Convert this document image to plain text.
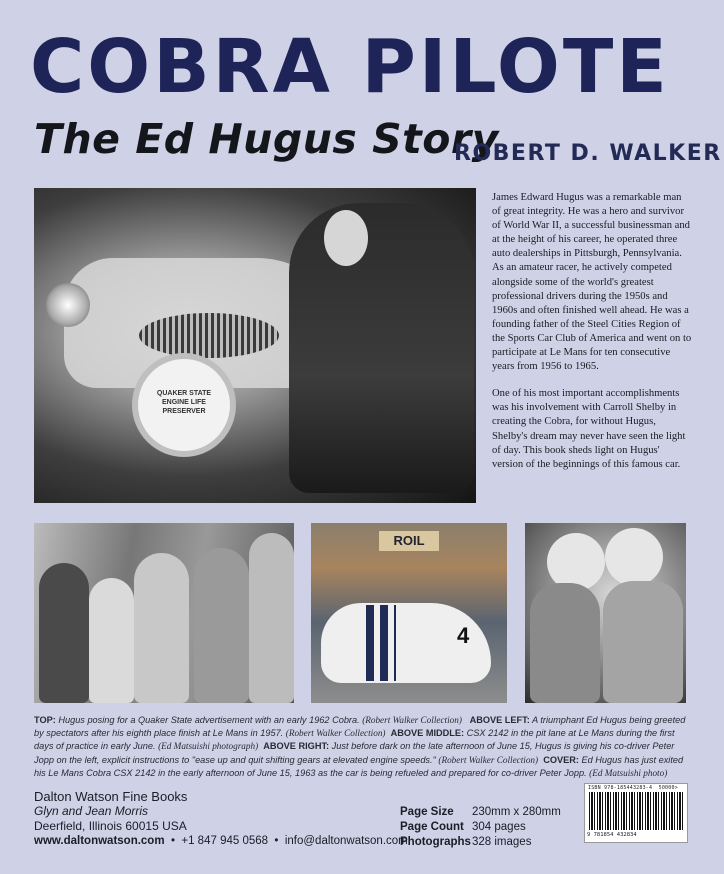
COBRA PILOTE
The Ed Hugus Story
ROBERT D. WALKER
QUAKER STATE ENGINE LIFE PRESERVER
ROIL
4

James Edward Hugus was a remarkable man of great integrity. He was a hero and survivor of World War II, a successful businessman and at the height of his career, he operated three auto dealerships in Pittsburgh, Pennsylvania. As an amateur racer, he actively competed alongside some of the world's greatest professional drivers during the 1950s and 1960s and often finished well ahead. He was a founding father of the Steel Cities Region of the Sports Car Club of America and went on to participate at Le Mans for ten consecutive years from 1956 to 1965.

One of his most important accomplishments was his involvement with Carroll Shelby in creating the Cobra, for without Hugus, Shelby's dream may never have seen the light of day. This book sheds light on Hugus' version of the beginnings of this famous car.

TOP: Hugus posing for a Quaker State advertisement with an early 1962 Cobra. (Robert Walker Collection) ABOVE LEFT: A triumphant Ed Hugus being greeted by spectators after his eighth place finish at Le Mans in 1957. (Robert Walker Collection) ABOVE MIDDLE: CSX 2142 in the pit lane at Le Mans during the first days of practice in early June. (Ed Matsuishi photograph) ABOVE RIGHT: Just before dark on the late afternoon of June 15, Hugus is giving his co-driver Peter Jopp on the left, explicit instructions to "ease up and quit shifting gears at elevated engine speeds." (Robert Walker Collection) COVER: Ed Hugus has just exited his Le Mans Cobra CSX 2142 in the early afternoon of June 15, 1963 as the car is being refueled and prepared for co-driver Peter Jopp. (Ed Matsuishi photo)
Dalton Watson Fine Books
Glyn and Jean Morris
Deerfield, Illinois 60015 USA
www.daltonwatson.com • +1 847 945 0568 • info@daltonwatson.com
Page Size	230mm x 280mm
Page Count 304 pages
Photographs 328 images
ISBN 978-185443283-4 50000>
9 781854 432834
